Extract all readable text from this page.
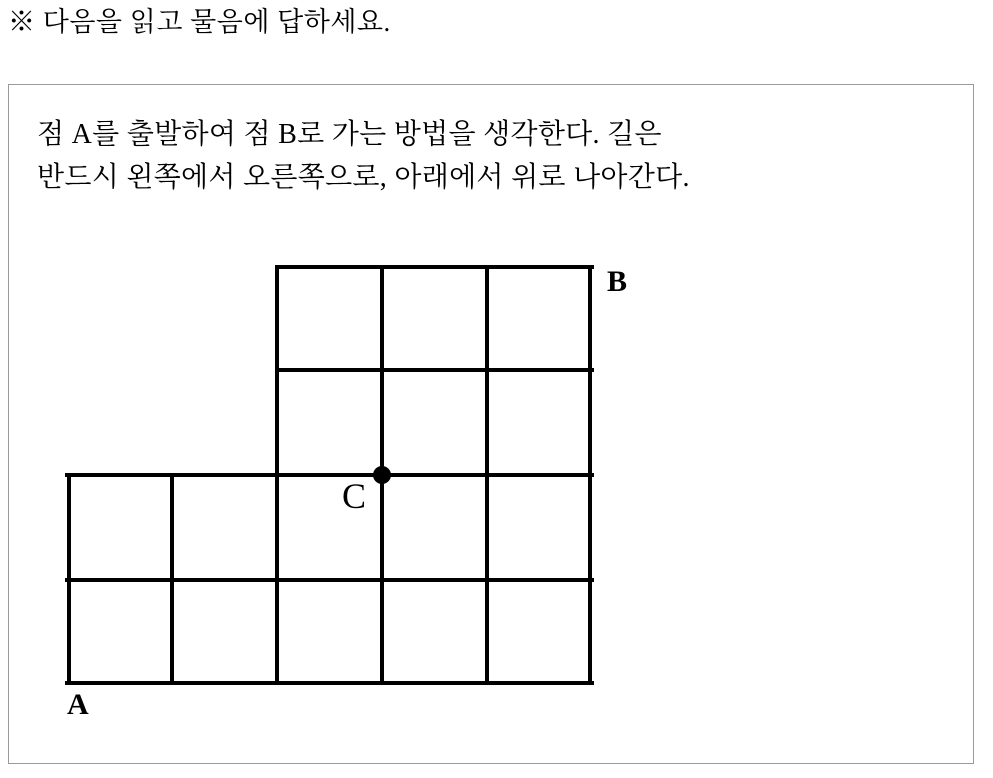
※ 다음을 읽고 물음에 답하세요.
점 A를 출발하여 점 B로 가는 방법을 생각한다. 길은
반드시 왼쪽에서 오른쪽으로, 아래에서 위로 나아간다.
A
B
C
